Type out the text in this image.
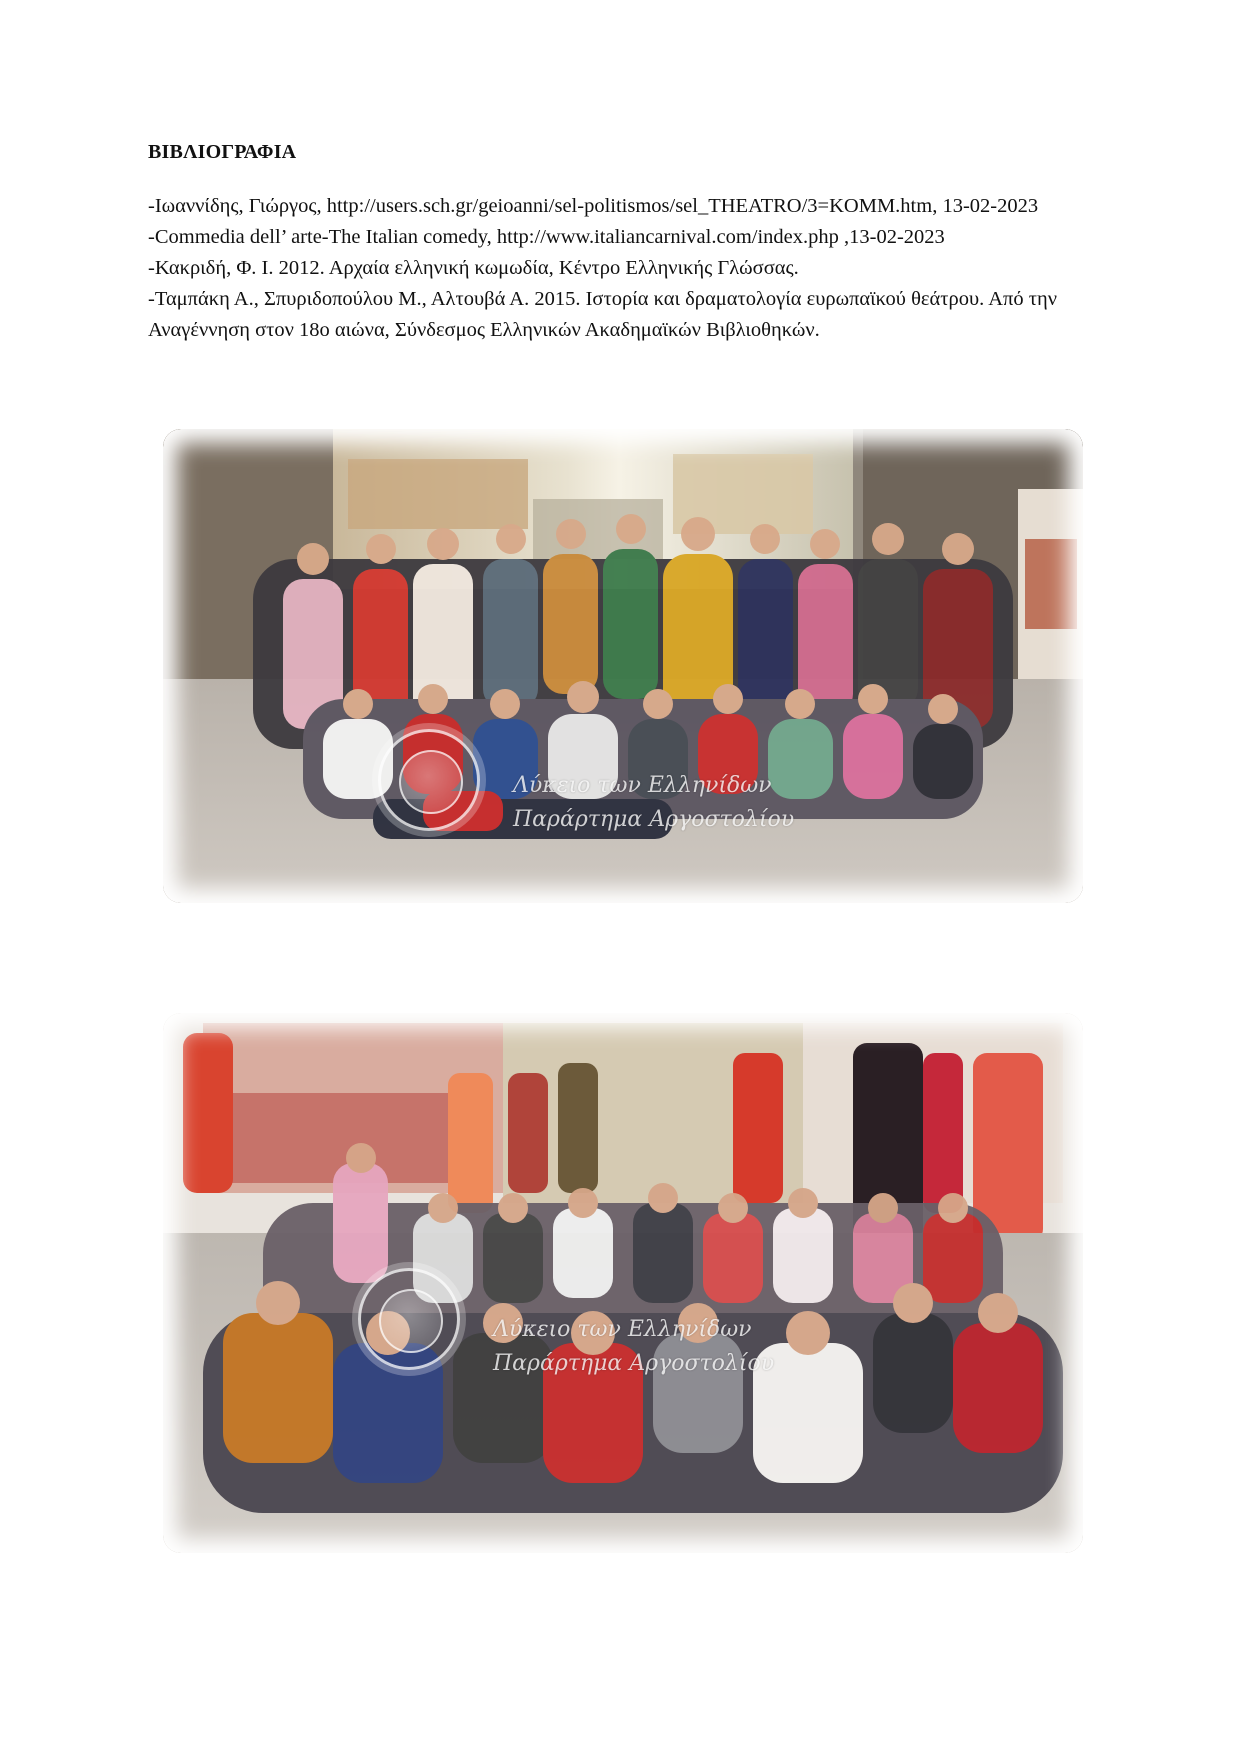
ΒΙΒΛΙΟΓΡΑΦΙΑ

-Ιωαννίδης, Γιώργος, http://users.sch.gr/geioanni/sel-politismos/sel_THEATRO/3=KOMM.htm, 13-02-2023

-Commedia dell’ arte-The Italian comedy, http://www.italiancarnival.com/index.php ,13-02-2023

-Κακριδή, Φ. Ι. 2012. Αρχαία ελληνική κωμωδία, Κέντρο Ελληνικής Γλώσσας.

-Ταμπάκη Α., Σπυριδοπούλου Μ., Αλτουβά Α. 2015. Ιστορία και δραματολογία ευρωπαϊκού θεάτρου. Από την Αναγέννηση στον 18ο αιώνα, Σύνδεσμος Ελληνικών Ακαδημαϊκών Βιβλιοθηκών.

Λύκειο των Ελληνίδων
Παράρτημα Αργοστολίου
Λύκειο των Ελληνίδων
Παράρτημα Αργοστολίου
